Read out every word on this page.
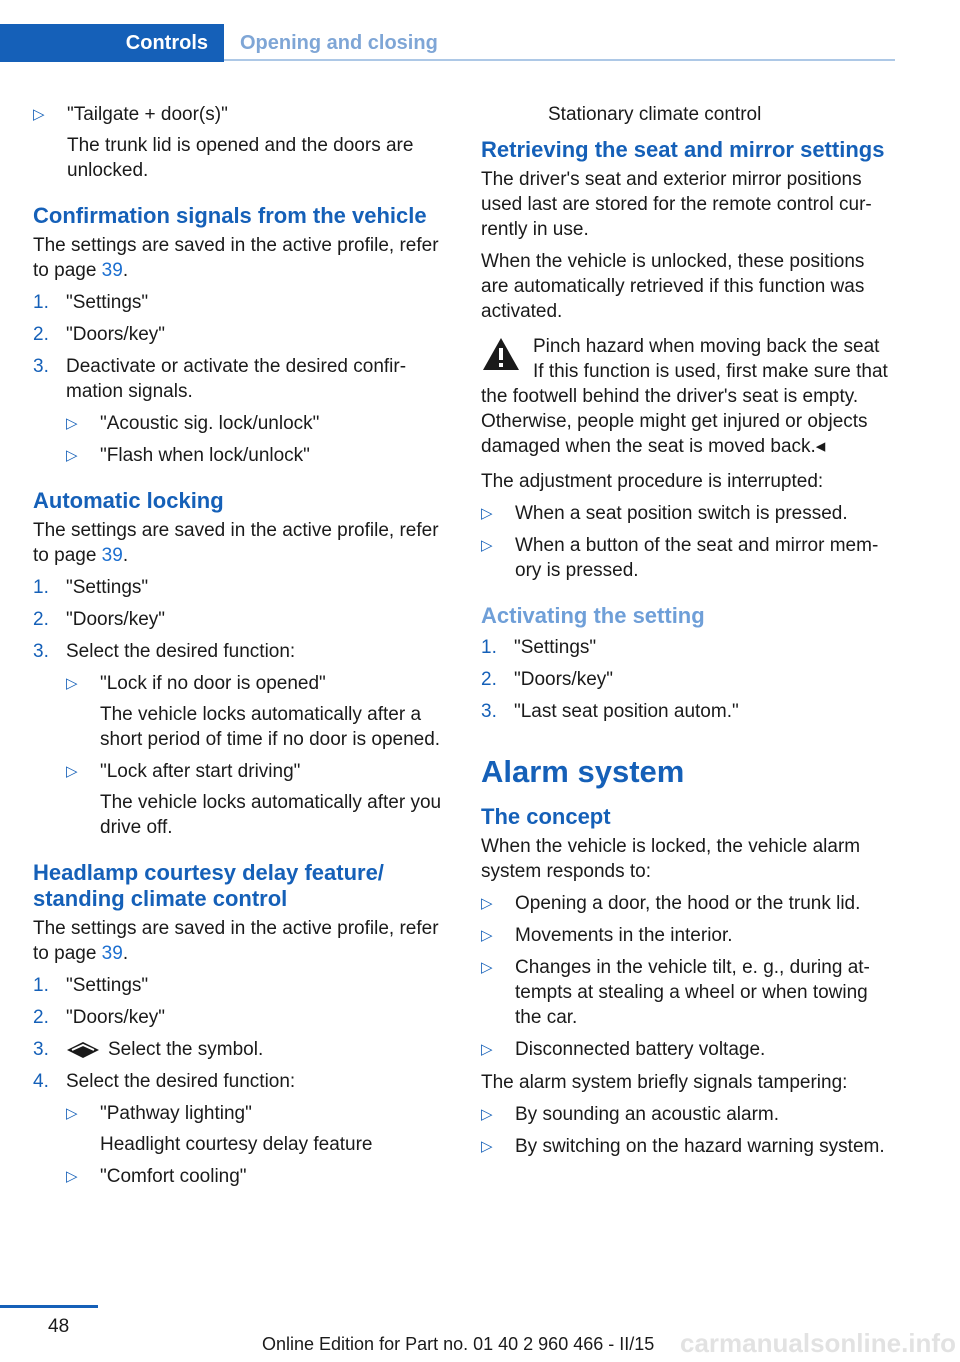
Controls	Opening and closing
▷ "Tailgate + door(s)"
The trunk lid is opened and the doors are unlocked.
Confirmation signals from the vehicle

The settings are saved in the active profile, refer to page 39.

1. "Settings"
2. "Doors/key"
3. Deactivate or activate the desired confirmation signals.
▷ "Acoustic sig. lock/unlock"
▷ "Flash when lock/unlock"
Automatic locking

The settings are saved in the active profile, refer to page 39.

1. "Settings"
2. "Doors/key"
3. Select the desired function:
▷ "Lock if no door is opened"
The vehicle locks automatically after a short period of time if no door is opened.
▷ "Lock after start driving"
The vehicle locks automatically after you drive off.
Headlamp courtesy delay feature/ standing climate control

The settings are saved in the active profile, refer to page 39.

1. "Settings"
2. "Doors/key"
3.	Select the symbol.
4. Select the desired function:
▷ "Pathway lighting"
Headlight courtesy delay feature
▷ "Comfort cooling"

Stationary climate control

Retrieving the seat and mirror settings

The driver's seat and exterior mirror positions used last are stored for the remote control currently in use.

When the vehicle is unlocked, these positions are automatically retrieved if this function was activated.

Pinch hazard when moving back the seat
If this function is used, first make sure that the footwell behind the driver's seat is empty. Otherwise, people might get injured or objects damaged when the seat is moved back.◂

The adjustment procedure is interrupted:

▷ When a seat position switch is pressed.
▷ When a button of the seat and mirror memory is pressed.
Activating the setting
1. "Settings"
2. "Doors/key"
3. "Last seat position autom."
Alarm system
The concept

When the vehicle is locked, the vehicle alarm system responds to:

▷ Opening a door, the hood or the trunk lid.
▷ Movements in the interior.
▷ Changes in the vehicle tilt, e. g., during attempts at stealing a wheel or when towing the car.
▷ Disconnected battery voltage.

The alarm system briefly signals tampering:

▷ By sounding an acoustic alarm.
▷ By switching on the hazard warning system.
48
Online Edition for Part no. 01 40 2 960 466 - II/15 carmanualsonline.info
